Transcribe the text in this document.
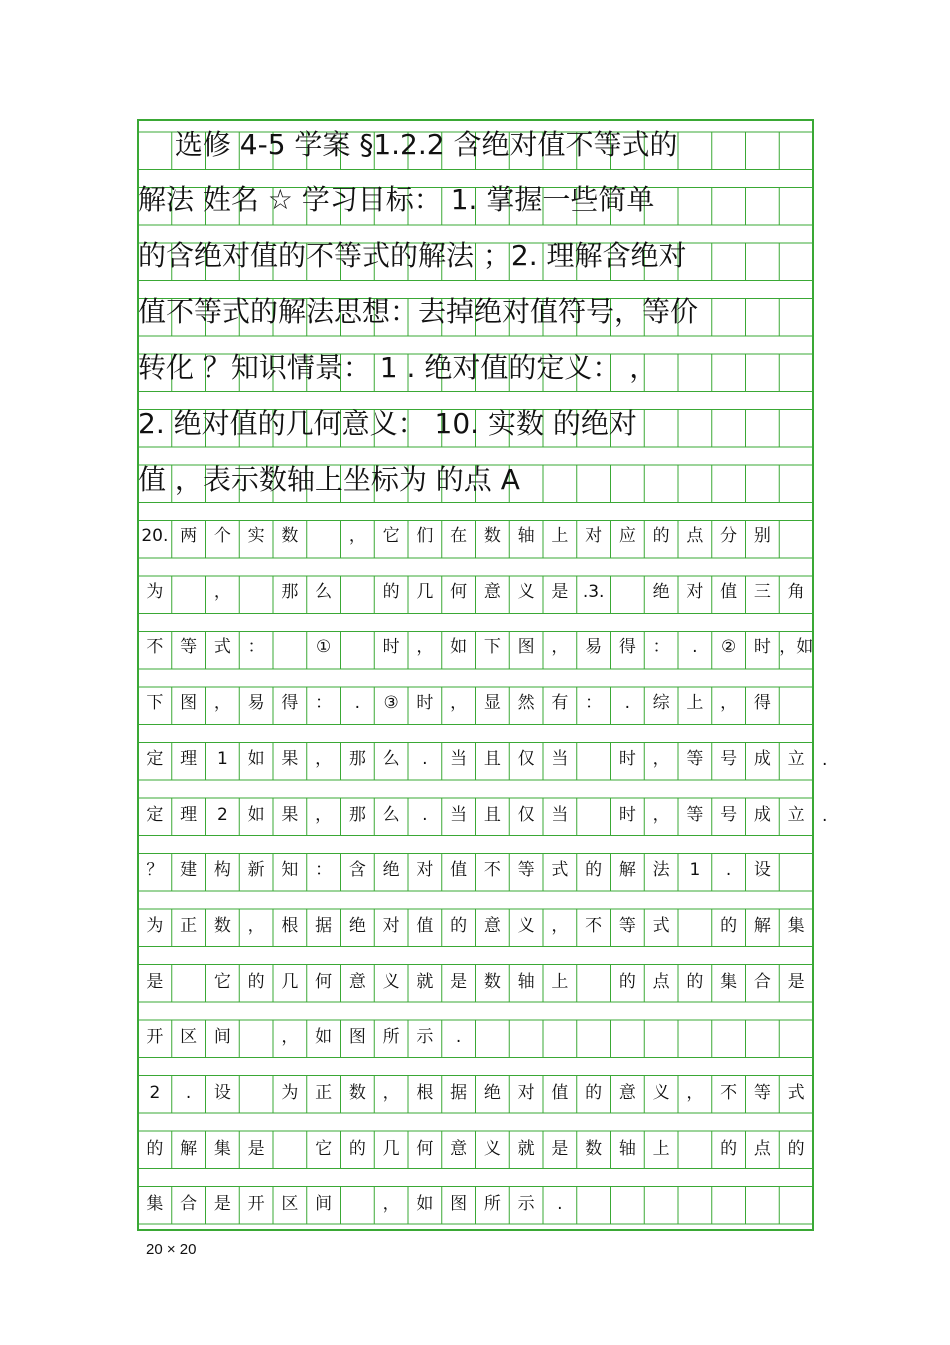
　 选修 4-5 学案 §1.2.2 含绝对值不等式的
解法 姓名 ☆ 学习目标： 1. 掌握一些简单
的含绝对值的不等式的解法 ；2. 理解含绝对
值不等式的解法思想：去掉绝对值符号，等价
转化 ？知识情景： 1 . 绝对值的定义： ，
2. 绝对值的几何意义： 10. 实数 的绝对
值 ，表示数轴上坐标为 的点 A
20. 两 个 实 数	， 它 们 在 数 轴 上 对 应 的 点 分 别
为	，	那 么	的 几 何 意 义 是 .3.	绝 对 值 三 角
不 等 式 ：	①	时 ， 如 下 图 ， 易 得 ： . ② 时 ，如
下 图 ， 易 得 ： . ③ 时 ， 显 然 有 ： . 综 上 ， 得
定 理 1 如 果 ， 那 么 . 当 且 仅 当	时 ， 等 号 成 立
定 理 2 如 果 ， 那 么 . 当 且 仅 当	时 ， 等 号 成 立
？ 建 构 新 知 ： 含 绝 对 值 不 等 式 的 解 法 1 . 设
为 正 数 ， 根 据 绝 对 值 的 意 义 ， 不 等 式	的 解 集
是	它 的 几 何 意 义 就 是 数 轴 上	的 点 的 集 合 是
开 区 间	， 如 图 所 示 .
2 . 设	为 正 数 ， 根 据 绝 对 值 的 意 义 ， 不 等 式
的 解 集 是	它 的 几 何 意 义 就 是 数 轴 上	的 点 的
集 合 是 开 区 间	， 如 图 所 示 .
.
.
20 × 20
